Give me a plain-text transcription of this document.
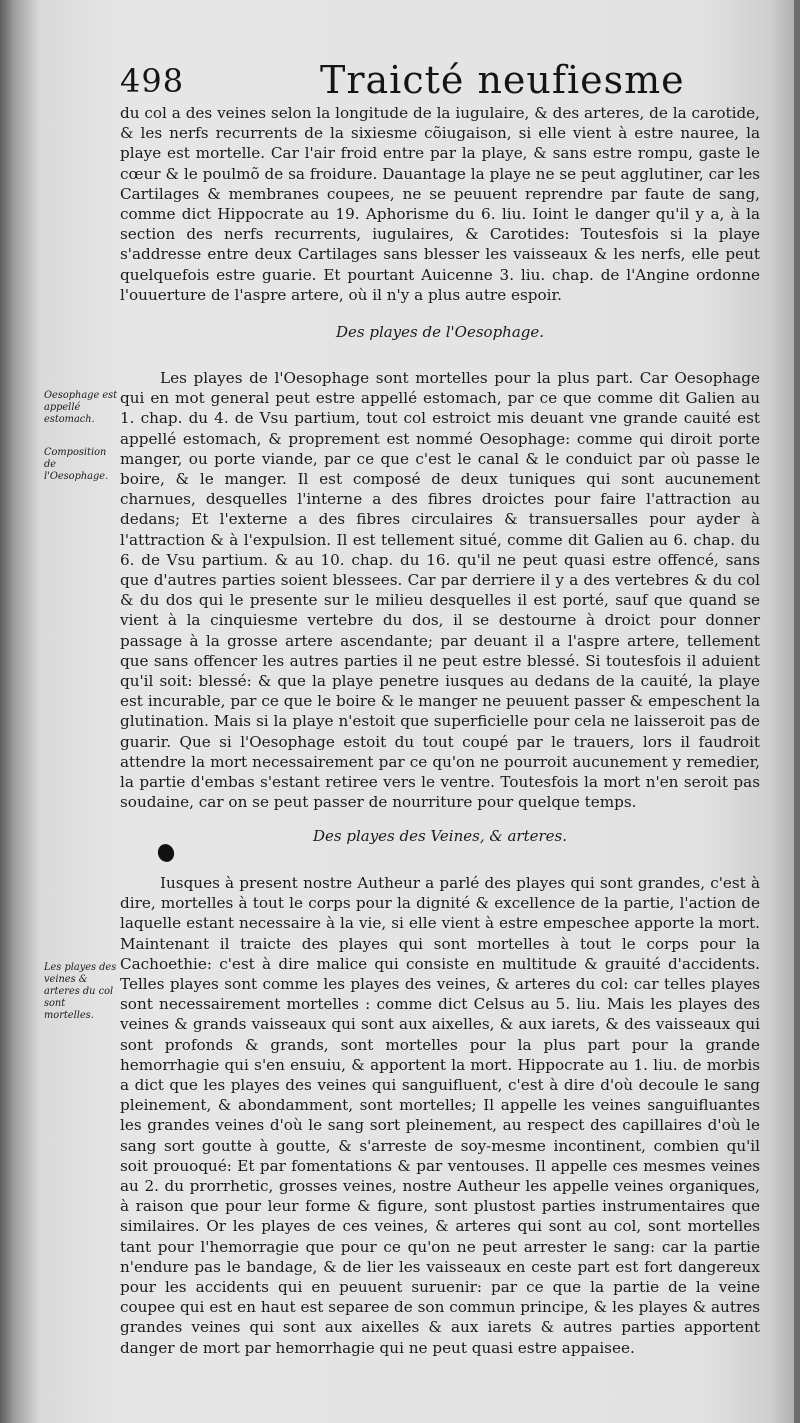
498	Traicté neufiesme

du col a des veines selon la longitude de la iugulaire, & des arteres, de la carotide, & les nerfs recurrents de la sixiesme cõiugaison, si elle vient à estre nauree, la playe est mortelle. Car l'air froid entre par la playe, & sans estre rompu, gaste le cœur & le poulmõ de sa froidure. Dauantage la playe ne se peut agglutiner, car les Cartilages & membranes coupees, ne se peuuent reprendre par faute de sang, comme dict Hippocrate au 19. Aphorisme du 6. liu. Ioint le danger qu'il y a, à la section des nerfs recurrents, iugulaires, & Carotides: Toutesfois si la playe s'addresse entre deux Cartilages sans blesser les vaisseaux & les nerfs, elle peut quelquefois estre guarie. Et pourtant Auicenne 3. liu. chap. de l'Angine ordonne l'ouuerture de l'aspre artere, où il n'y a plus autre espoir.

Des playes de l'Oesophage.

Oesophage est appellé estomach.
Composition de l'Oesophage.

Les playes de l'Oesophage sont mortelles pour la plus part. Car Oesophage qui en mot general peut estre appellé estomach, par ce que comme dit Galien au 1. chap. du 4. de Vsu partium, tout col estroict mis deuant vne grande cauité est appellé estomach, & proprement est nommé Oesophage: comme qui diroit porte manger, ou porte viande, par ce que c'est le canal & le conduict par où passe le boire, & le manger. Il est composé de deux tuniques qui sont aucunement charnues, desquelles l'interne a des fibres droictes pour faire l'attraction au dedans; Et l'externe a des fibres circulaires & transuersalles pour ayder à l'attraction & à l'expulsion. Il est tellement situé, comme dit Galien au 6. chap. du 6. de Vsu partium. & au 10. chap. du 16. qu'il ne peut quasi estre offencé, sans que d'autres parties soient blessees. Car par derriere il y a des vertebres & du col & du dos qui le presente sur le milieu desquelles il est porté, sauf que quand se vient à la cinquiesme vertebre du dos, il se destourne à droict pour donner passage à la grosse artere ascendante; par deuant il a l'aspre artere, tellement que sans offencer les autres parties il ne peut estre blessé. Si toutesfois il aduient qu'il soit: blessé: & que la playe penetre iusques au dedans de la cauité, la playe est incurable, par ce que le boire & le manger ne peuuent passer & empeschent la glutination. Mais si la playe n'estoit que superficielle pour cela ne laisseroit pas de guarir. Que si l'Oesophage estoit du tout coupé par le trauers, lors il faudroit attendre la mort necessairement par ce qu'on ne pourroit aucunement y remedier, la partie d'embas s'estant retiree vers le ventre. Toutesfois la mort n'en seroit pas soudaine, car on se peut passer de nourriture pour quelque temps.

Des playes des Veines, & arteres.

Les playes des veines & arteres du col sont mortelles.

Iusques à present nostre Autheur a parlé des playes qui sont grandes, c'est à dire, mortelles à tout le corps pour la dignité & excellence de la partie, l'action de laquelle estant necessaire à la vie, si elle vient à estre empeschee apporte la mort. Maintenant il traicte des playes qui sont mortelles à tout le corps pour la Cachoethie: c'est à dire malice qui consiste en multitude & grauité d'accidents. Telles playes sont comme les playes des veines, & arteres du col: car telles playes sont necessairement mortelles : comme dict Celsus au 5. liu. Mais les playes des veines & grands vaisseaux qui sont aux aixelles, & aux iarets, & des vaisseaux qui sont profonds & grands, sont mortelles pour la plus part pour la grande hemorrhagie qui s'en ensuiu, & apportent la mort. Hippocrate au 1. liu. de morbis a dict que les playes des veines qui sanguifluent, c'est à dire d'où decoule le sang pleinement, & abondamment, sont mortelles; Il appelle les veines sanguifluantes les grandes veines d'où le sang sort pleinement, au respect des capillaires d'où le sang sort goutte à goutte, & s'arreste de soy-mesme incontinent, combien qu'il soit prouoqué: Et par fomentations & par ventouses. Il appelle ces mesmes veines au 2. du prorrhetic, grosses veines, nostre Autheur les appelle veines organiques, à raison que pour leur forme & figure, sont plustost parties instrumentaires que similaires. Or les playes de ces veines, & arteres qui sont au col, sont mortelles tant pour l'hemorragie que pour ce qu'on ne peut arrester le sang: car la partie n'endure pas le bandage, & de lier les vaisseaux en ceste part est fort dangereux pour les accidents qui en peuuent suruenir: par ce que la partie de la veine coupee qui est en haut est separee de son commun principe, & les playes & autres grandes veines qui sont aux aixelles & aux iarets & autres parties apportent danger de mort par hemorrhagie qui ne peut quasi estre appaisee.
